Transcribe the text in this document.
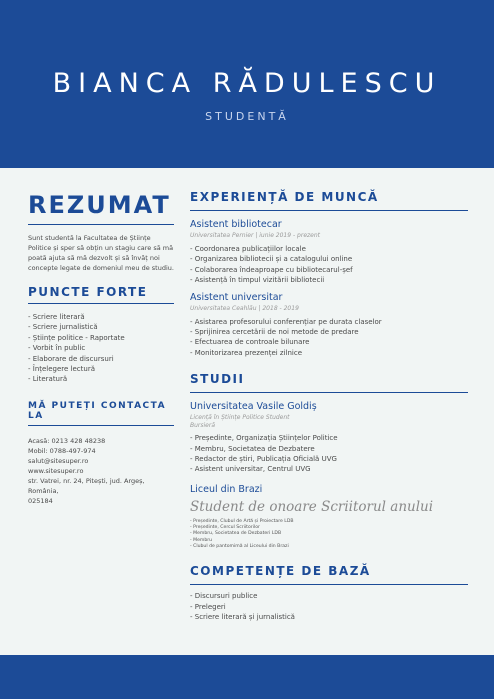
BIANCA RĂDULESCU
STUDENTĂ
REZUMAT
Sunt studentă la Facultatea de Științe Politice și sper să obțin un stagiu care să mă poată ajuta să mă dezvolt și să învăț noi concepte legate de domeniul meu de studiu.
PUNCTE FORTE
- Scriere literară
- Scriere jurnalistică
- Științe politice - Raportate
- Vorbit în public
- Elaborare de discursuri
- Înțelegere lectură
- Literatură
MĂ PUTEȚI CONTACTA LA
Acasă: 0213 428 48238
Mobil: 0788-497-974
salut@sitesuper.ro
www.sitesuper.ro
str. Vatrei, nr. 24, Pitești, jud. Argeș, România,
025184
EXPERIENȚĂ DE MUNCĂ
Asistent bibliotecar
Universitatea Pernier | iunie 2019 - prezent
- Coordonarea publicațiilor locale
- Organizarea bibliotecii și a catalogului online
- Colaborarea îndeaproape cu bibliotecarul-șef
- Asistență în timpul vizitării bibliotecii
Asistent universitar
Universitatea Ceahlău | 2018 - 2019
- Asistarea profesorului conferențiar pe durata claselor
- Sprijinirea cercetării de noi metode de predare
- Efectuarea de controale bilunare
- Monitorizarea prezenței zilnice
STUDII
Universitatea Vasile Goldiș
Licență în Științe Politice Student
Bursieră
- Președinte, Organizația Științelor Politice
- Membru, Societatea de Dezbatere
- Redactor de știri, Publicația Oficială UVG
- Asistent universitar, Centrul UVG
Liceul din Brazi
Student de onoare Scriitorul anului
- Președinte, Clubul de Artă și Proiectare LDB
- Președinte, Cercul Scriitorilor
- Membru, Societatea de Dezbateri LDB
- Membru
- Clubul de pantomimă al Liceului din Brazi
COMPETENȚE DE BAZĂ
- Discursuri publice
- Prelegeri
- Scriere literară și jurnalistică
